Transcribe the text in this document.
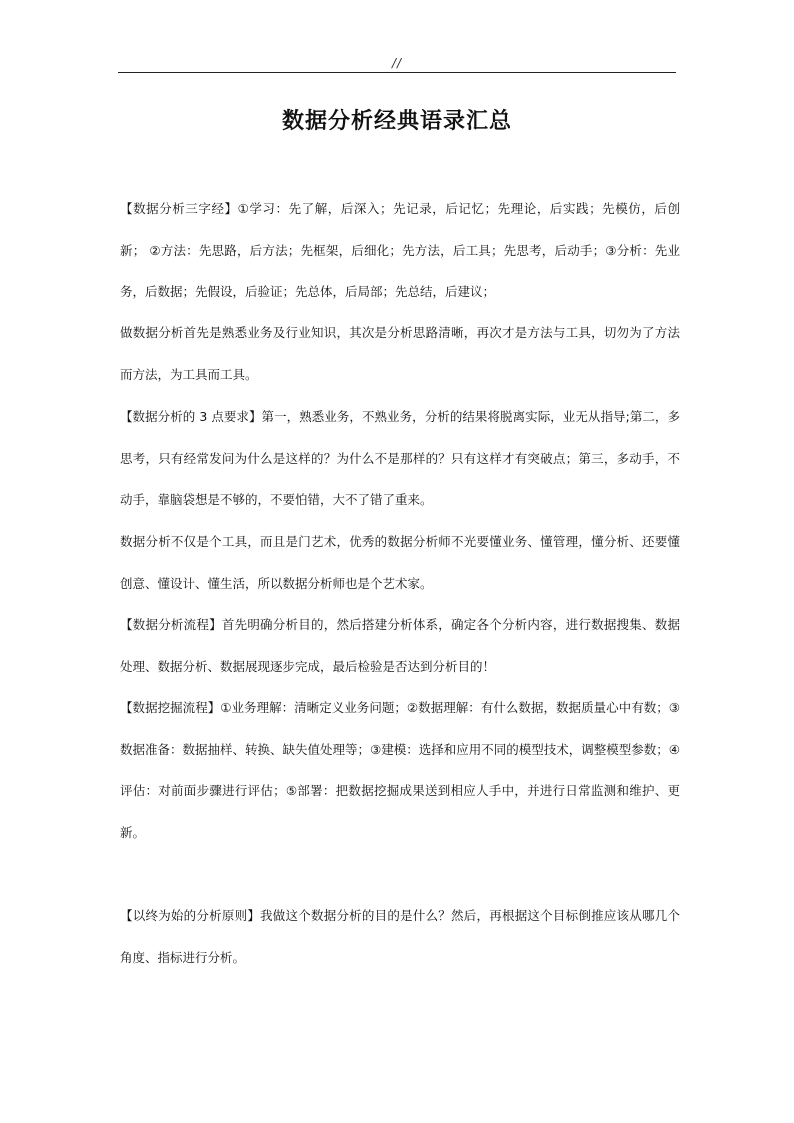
//
数据分析经典语录汇总

【数据分析三字经】①学习：先了解，后深入；先记录，后记忆；先理论，后实践；先模仿，后创新； ②方法：先思路，后方法；先框架，后细化；先方法，后工具；先思考，后动手；③分析：先业务，后数据；先假设，后验证；先总体，后局部；先总结，后建议；

做数据分析首先是熟悉业务及行业知识，其次是分析思路清晰，再次才是方法与工具，切勿为了方法而方法，为工具而工具。

【数据分析的 3 点要求】第一，熟悉业务，不熟业务，分析的结果将脱离实际，业无从指导;第二，多思考，只有经常发问为什么是这样的？为什么不是那样的？只有这样才有突破点；第三，多动手，不动手，靠脑袋想是不够的，不要怕错，大不了错了重来。

数据分析不仅是个工具，而且是门艺术，优秀的数据分析师不光要懂业务、懂管理，懂分析、还要懂创意、懂设计、懂生活，所以数据分析师也是个艺术家。

【数据分析流程】首先明确分析目的，然后搭建分析体系，确定各个分析内容，进行数据搜集、数据处理、数据分析、数据展现逐步完成，最后检验是否达到分析目的！

【数据挖掘流程】①业务理解：清晰定义业务问题；②数据理解：有什么数据，数据质量心中有数；③数据准备：数据抽样、转换、缺失值处理等；③建模：选择和应用不同的模型技术，调整模型参数；④评估：对前面步骤进行评估；⑤部署：把数据挖掘成果送到相应人手中，并进行日常监测和维护、更新。

【以终为始的分析原则】我做这个数据分析的目的是什么？然后，再根据这个目标倒推应该从哪几个角度、指标进行分析。
